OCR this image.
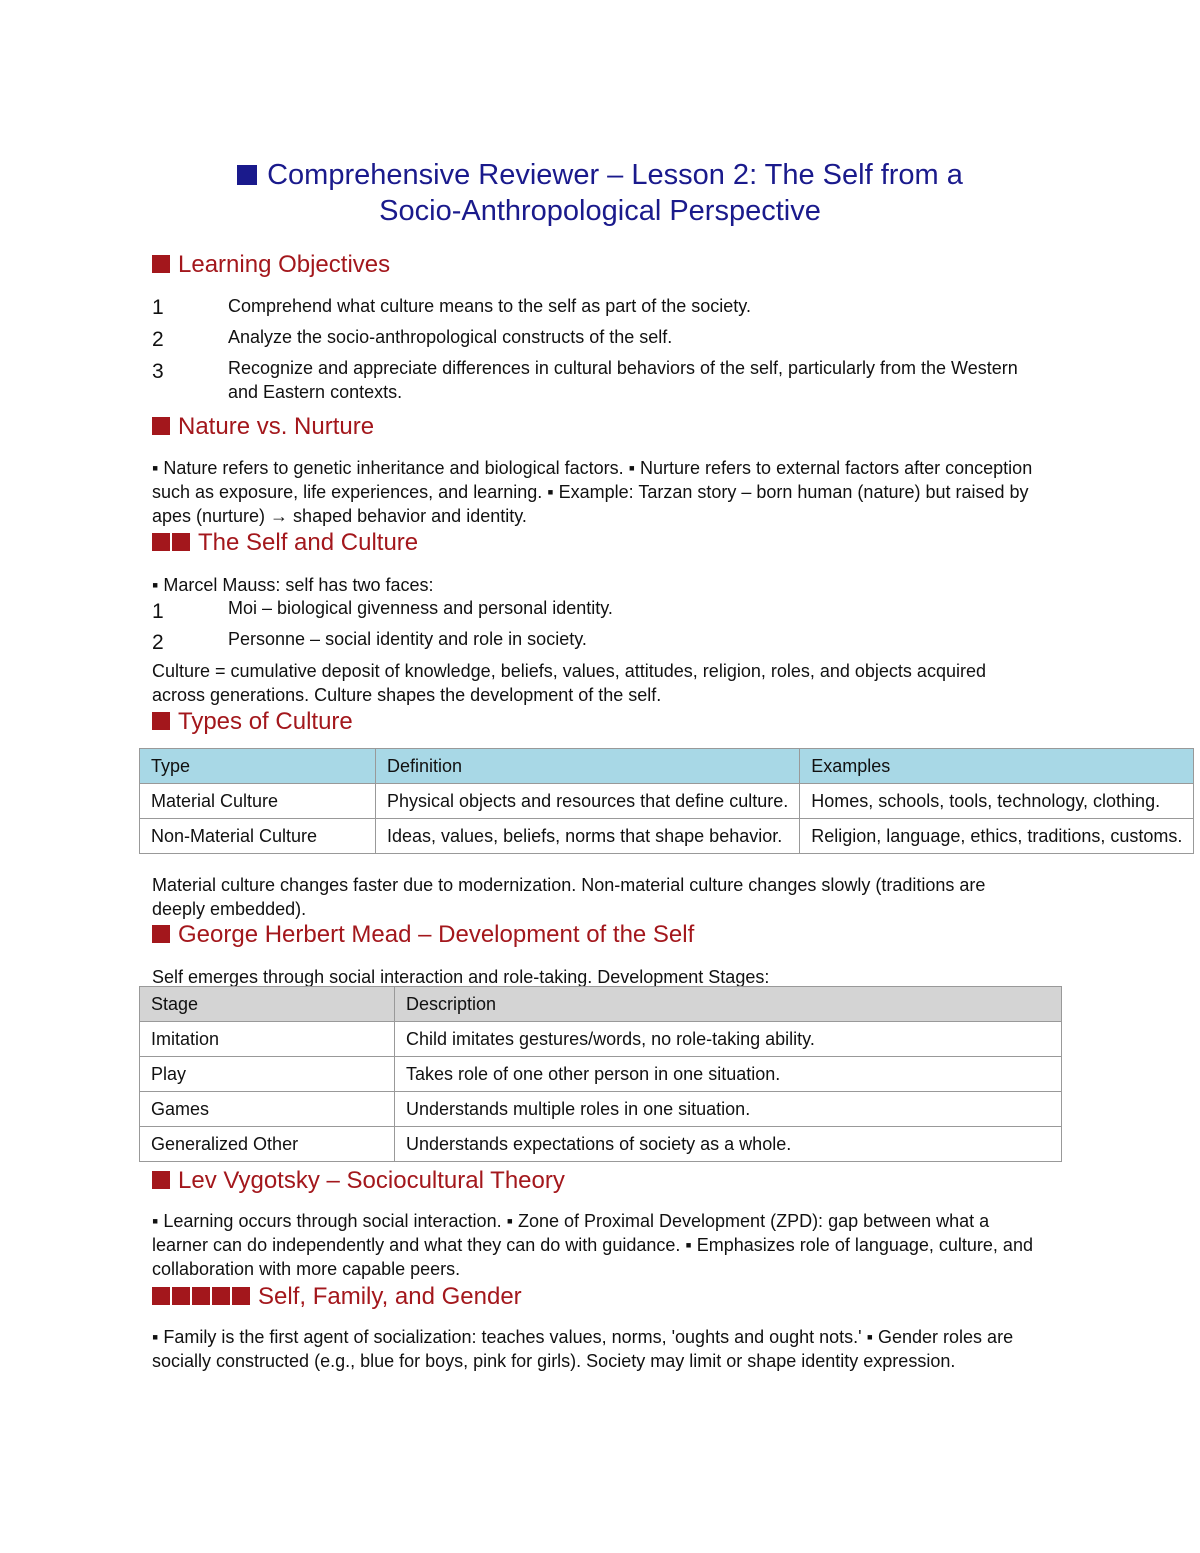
Comprehensive Reviewer – Lesson 2: The Self from a
Socio-Anthropological Perspective
Learning Objectives
1	Comprehend what culture means to the self as part of the society.
2	Analyze the socio-anthropological constructs of the self.
3	Recognize and appreciate differences in cultural behaviors of the self, particularly from the Western and Eastern contexts.
Nature vs. Nurture
▪ Nature refers to genetic inheritance and biological factors. ▪ Nurture refers to external factors after conception such as exposure, life experiences, and learning. ▪ Example: Tarzan story – born human (nature) but raised by apes (nurture) → shaped behavior and identity.
The Self and Culture
▪ Marcel Mauss: self has two faces:
1	Moi – biological givenness and personal identity.
2	Personne – social identity and role in society.
Culture = cumulative deposit of knowledge, beliefs, values, attitudes, religion, roles, and objects acquired across generations. Culture shapes the development of the self.
Types of Culture
Type	Definition	Examples
Material Culture	Physical objects and resources that define culture.	Homes, schools, tools, technology, clothing.
Non-Material Culture	Ideas, values, beliefs, norms that shape behavior.	Religion, language, ethics, traditions, customs.
Material culture changes faster due to modernization. Non-material culture changes slowly (traditions are deeply embedded).
George Herbert Mead – Development of the Self
Self emerges through social interaction and role-taking. Development Stages:
Stage	Description
Imitation	Child imitates gestures/words, no role-taking ability.
Play	Takes role of one other person in one situation.
Games	Understands multiple roles in one situation.
Generalized Other	Understands expectations of society as a whole.
Lev Vygotsky – Sociocultural Theory
▪ Learning occurs through social interaction. ▪ Zone of Proximal Development (ZPD): gap between what a learner can do independently and what they can do with guidance. ▪ Emphasizes role of language, culture, and collaboration with more capable peers.
Self, Family, and Gender
▪ Family is the first agent of socialization: teaches values, norms, 'oughts and ought nots.' ▪ Gender roles are socially constructed (e.g., blue for boys, pink for girls). Society may limit or shape identity expression.
